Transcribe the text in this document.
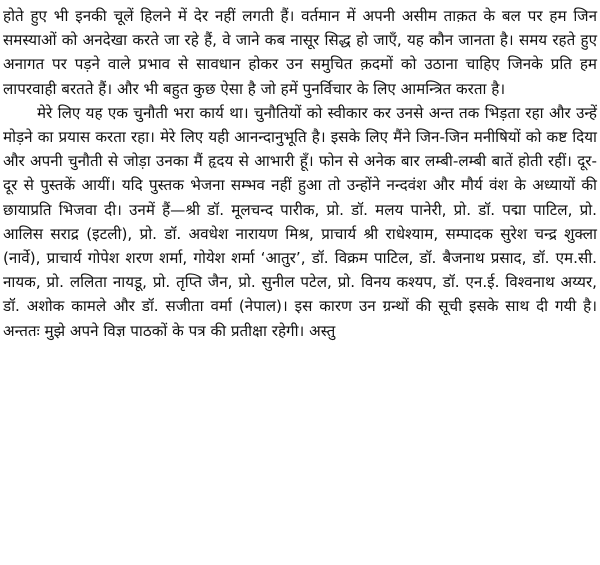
होते हुए भी इनकी चूलें हिलने में देर नहीं लगती हैं। वर्तमान में अपनी असीम ताक़त के बल पर हम जिन समस्याओं को अनदेखा करते जा रहे हैं, वे जाने कब नासूर सिद्ध हो जाएँ, यह कौन जानता है। समय रहते हुए अनागत पर पड़ने वाले प्रभाव से सावधान होकर उन समुचित क़दमों को उठाना चाहिए जिनके प्रति हम लापरवाही बरतते हैं। और भी बहुत कुछ ऐसा है जो हमें पुनर्विचार के लिए आमन्त्रित करता है।

मेरे लिए यह एक चुनौती भरा कार्य था। चुनौतियों को स्वीकार कर उनसे अन्त तक भिड़ता रहा और उन्हें मोड़ने का प्रयास करता रहा। मेरे लिए यही आनन्दानुभूति है। इसके लिए मैंने जिन-जिन मनीषियों को कष्ट दिया और अपनी चुनौती से जोड़ा उनका मैं हृदय से आभारी हूँ। फोन से अनेक बार लम्बी-लम्बी बातें होती रहीं। दूर-दूर से पुस्तकें आयीं। यदि पुस्तक भेजना सम्भव नहीं हुआ तो उन्होंने नन्दवंश और मौर्य वंश के अध्यायों की छायाप्रति भिजवा दी। उनमें हैं—श्री डॉ. मूलचन्द पारीक, प्रो. डॉ. मलय पानेरी, प्रो. डॉ. पद्मा पाटिल, प्रो. आलिस सराद्र (इटली), प्रो. डॉ. अवधेश नारायण मिश्र, प्राचार्य श्री राधेश्याम, सम्पादक सुरेश चन्द्र शुक्ला (नार्वे), प्राचार्य गोपेश शरण शर्मा, गोयेश शर्मा ‘आतुर’, डॉ. विक्रम पाटिल, डॉ. बैजनाथ प्रसाद, डॉ. एम.सी. नायक, प्रो. ललिता नायडू, प्रो. तृप्ति जैन, प्रो. सुनील पटेल, प्रो. विनय कश्यप, डॉ. एन.ई. विश्वनाथ अय्यर, डॉ. अशोक कामले और डॉ. सजीता वर्मा (नेपाल)। इस कारण उन ग्रन्थों की सूची इसके साथ दी गयी है। अन्ततः मुझे अपने विज्ञ पाठकों के पत्र की प्रतीक्षा रहेगी। अस्तु
